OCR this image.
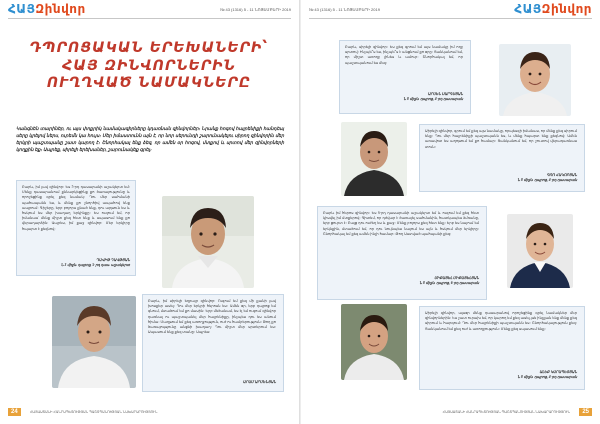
ՀԱՅԶինվոր	№ 43 (1316) 5 - 11 ՆՈՅԵՄԲԵՐԻ 2019
ԴՊՐՈՑԱԿԱՆ ԵՐԵԽԱՆԵՐԻ՝
ՀԱՅ ԶԻՆՎՈՐՆԵՐԻՆ
ՈՒՂՂՎԱԾ ՆԱՄԱԿՆԵՐԸ
Կանգնեն տարիներ, ու այս փոքրիկ նամակագիրները կդառնան զինվորներ։ Նրանք հոգով հայրենիքի հանդեպ սերը կրելով ներս, ուրեմն կա հույս։ Մեր իմաստունն այն է, որ նոր սերունդի շարունակելու սիրող զինվորին մեր երկրի պաշտպանը շատ կարող է։ Շնորհակալ ենք ձեզ, որ ամեն օր հոգով, մտքով և սրտով մեր զինվորների կողքին եք։ Ապրեք, սիրելի երեխաներ, շարունակեք գրել։
Բարև, իմ լավ զինվոր։ Ես 5-րդ դասարանի աշակերտ եմ։ Մենք դասարանում քննարկեցինք քո ծառայությունը և որոշեցինք գրել քեզ նամակ։ Դու մեր սահմանի պահապանն ես, և մենք քո շնորհիվ ապահով ենք ապրում։ Գիշերը, երբ բոլորս քնած ենք, դու արթուն ես և հսկում ես մեր խաղաղ երկինքը։ Ես ուզում եմ, որ իմանաս՝ մենք միշտ քեզ հետ ենք և սպասում ենք քո վերադարձին։ Ապրես, իմ քաջ զինվոր։ Մեր երկիրը հպարտ է քեզնով։
ԴԱՎԻԹ ԴԱՎԹՅԱՆ
Ն 3 միջն. դպրոց, 5-րդ դաս. աշակերտ
Բարև, իմ սիրելի եղբայր զինվոր։ Ուզում եմ քեզ մի քանի լավ խոսքեր ասել։ Դու մեր երկրի հերոսն ես։ Ամեն օր, երբ դպրոց եմ գնում, մտածում եմ քո մասին։ Երբ մեծանամ, ես էլ եմ ուզում զինվոր դառնալ ու պաշտպանել մեր հայրենիքը, ինչպես դու ես անում հիմա։ Մաղթում եմ քեզ առողջություն, ուժ ու համբերություն։ Թող քո ծառայությունը անցնի խաղաղ։ Դու միշտ մեր սրտերում ես։ Սպասում ենք քեզ տանը։ Ապրես։
ԱՐԱՄ ԱՐՄԵՆՅԱՆ
24	ՀԱՅԱՍՏԱՆԻ ՀԱՆՐԱՊԵՏՈՒԹՅԱՆ ՊԱՇՏՊԱՆՈՒԹՅԱՆ ՆԱԽԱՐԱՐՈՒԹՅՈՒՆ
№ 43 (1316) 5 - 11 ՆՈՅԵՄԲԵՐԻ 2019	ՀԱՅԶինվոր
Բարև, սիրելի զինվոր։ Ես քեզ գրում եմ այս նամակը իմ ողջ սրտով։ Ինչպե՞ս ես, ինչպե՞ս է անցնում քո օրը։ Ցանկանում եմ, որ միշտ առողջ լինես և ամուր։ Շնորհակալ եմ, որ պաշտպանում ես մեզ։
ԱՐՍԵՆ ՍԱՐԳՍՅԱՆ
Ն 8 միջն. դպրոց, 4-րդ դասարան
Սիրելի զինվոր, գրում եմ քեզ այս նամակը, որպեսզի իմանաս, որ մենք քեզ սիրում ենք։ Դու մեր հայրենիքի պաշտպանն ես, և մենք հպարտ ենք քեզնով։ Ամեն առավոտ ես աղոթում եմ քո համար։ Ցանկանում եմ, որ շուտով վերադառնաս տուն։
ԳՈՌ ՀԱԿՈԲՅԱՆ
Ն 8 միջն. դպրոց, 4-րդ դասարան
Բարև իմ հերոս զինվոր։ Ես 6-րդ դասարանի աշակերտ եմ և ուզում եմ քեզ հետ կիսվել իմ մտքերով։ Գիտեմ, որ դժվար է ծառայել սահմանին, հատկապես ձմռանը, երբ ցուրտ է։ Բայց դու ուժեղ ես և քաջ։ Մենք բոլորս քեզ հետ ենք։ Երբ ես նայում եմ երկնքին, մտածում եմ, որ դու նույնպես նայում ես այն և հսկում մեր երկիրը։ Շնորհակալ եմ քեզ ամեն ինչի համար։ Թող Աստված պահպանի քեզ։
ՄԻՔԱՅԵԼ ՄԻՔԱՅԵԼՅԱՆ
Ն 8 միջն. դպրոց, 6-րդ դասարան
Սիրելի զինվոր, այսօր մենք դասարանով որոշեցինք գրել նամակներ մեր զինվորներին։ Ես շատ ուրախ եմ, որ կարող եմ քեզ ասել, թե ինչքան ենք մենք քեզ սիրում և հարգում։ Դու մեր հայրենիքի պաշտպանն ես։ Շնորհակալություն քեզ։ Ցանկանում եմ քեզ ուժ և առողջություն։ Մենք քեզ սպասում ենք։
ԱԼԵՔ ԿԱՐԱՊԵՏՅԱՆ
Ն 8 միջն. դպրոց, 4-րդ դասարան
ՀԱՅԱՍՏԱՆԻ ՀԱՆՐԱՊԵՏՈՒԹՅԱՆ ՊԱՇՏՊԱՆՈՒԹՅԱՆ ՆԱԽԱՐԱՐՈՒԹՅՈՒՆ	25
